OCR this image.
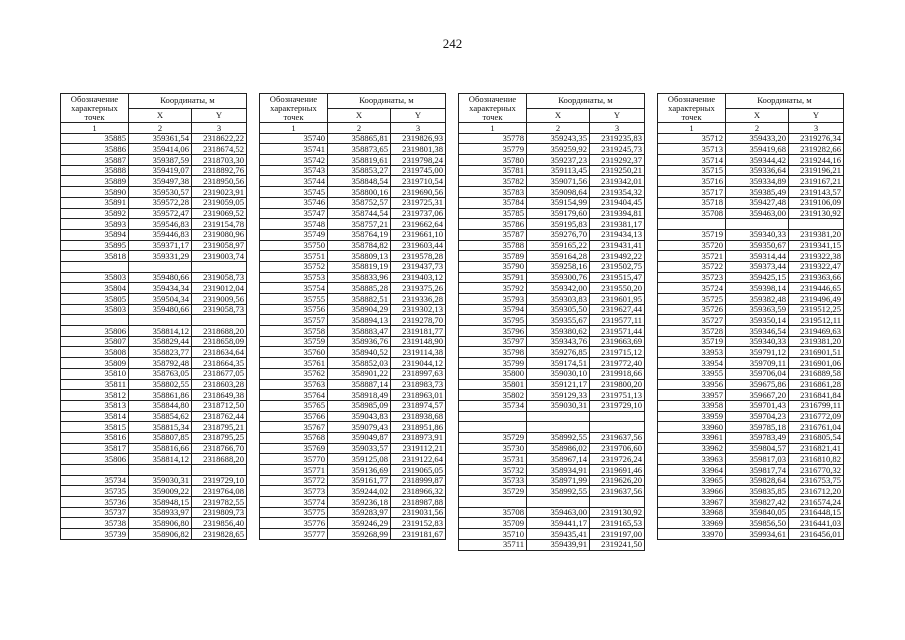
242
Обозначение характерных точек	Координаты, м	
	X	Y
1	2	3
35885	359361,54	2318622,22
35886	359414,06	2318674,52
35887	359387,59	2318703,30
35888	359419,07	2318892,76
35889	359497,38	2318950,56
35890	359530,57	2319023,91
35891	359572,28	2319059,05
35892	359572,47	2319069,52
35893	359546,83	2319154,78
35894	359446,83	2319080,96
35895	359371,17	2319058,97
35818	359331,29	2319003,74

35803	359480,66	2319058,73
35804	359434,34	2319012,04
35805	359504,34	2319009,56
35803	359480,66	2319058,73

35806	358814,12	2318688,20
35807	358829,44	2318658,09
35808	358823,77	2318634,64
35809	358792,48	2318664,35
35810	358763,05	2318677,05
35811	358802,55	2318603,28
35812	358861,86	2318649,38
35813	358844,80	2318712,50
35814	358854,62	2318762,44
35815	358815,34	2318795,21
35816	358807,85	2318795,25
35817	358816,66	2318766,70
35806	358814,12	2318688,20

35734	359030,31	2319729,10
35735	359009,22	2319764,08
35736	358948,15	2319782,55
35737	358933,97	2319809,73
35738	358906,80	2319856,40
35739	358906,82	2319828,65
Обозначение характерных точек	Координаты, м	
	X	Y
1	2	3
35740	358865,81	2319826,93
35741	358873,65	2319801,38
35742	358819,61	2319798,24
35743	358853,27	2319745,00
35744	358848,54	2319710,54
35745	358800,16	2319690,56
35746	358752,57	2319725,31
35747	358744,54	2319737,06
35748	358757,21	2319662,64
35749	358764,19	2319661,10
35750	358784,82	2319603,44
35751	358809,13	2319578,28
35752	358819,19	2319437,73
35753	358833,96	2319403,12
35754	358885,28	2319375,26
35755	358882,51	2319336,28
35756	358904,29	2319302,13
35757	358894,13	2319278,70
35758	358883,47	2319181,77
35759	358936,76	2319148,90
35760	358940,52	2319114,38
35761	358852,03	2319044,12
35762	358901,22	2318997,63
35763	358887,14	2318983,73
35764	358918,49	2318963,01
35765	358985,09	2318974,57
35766	359043,83	2318938,68
35767	359079,43	2318951,86
35768	359049,87	2318973,91
35769	359033,57	2319112,21
35770	359125,08	2319122,64
35771	359136,69	2319065,05
35772	359161,77	2318999,87
35773	359244,02	2318966,32
35774	359236,18	2318987,88
35775	359283,97	2319031,56
35776	359246,29	2319152,83
35777	359268,99	2319181,67
Обозначение характерных точек	Координаты, м	
	X	Y
1	2	3
35778	359243,35	2319235,83
35779	359259,92	2319245,73
35780	359237,23	2319292,37
35781	359113,45	2319250,21
35782	359071,56	2319342,01
35783	359098,64	2319354,32
35784	359154,99	2319404,45
35785	359179,60	2319394,81
35786	359195,83	2319381,17
35787	359276,70	2319434,13
35788	359165,22	2319431,41
35789	359164,28	2319492,22
35790	359258,16	2319502,75
35791	359300,76	2319515,47
35792	359342,00	2319550,20
35793	359303,83	2319601,95
35794	359305,50	2319627,44
35795	359355,67	2319577,11
35796	359380,62	2319571,44
35797	359343,76	2319663,69
35798	359276,85	2319715,12
35799	359174,51	2319772,40
35800	359030,10	2319918,66
35801	359121,17	2319800,20
35802	359129,33	2319751,13
35734	359030,31	2319729,10

35729	358992,55	2319637,56
35730	358986,02	2319706,60
35731	358967,14	2319726,24
35732	358934,91	2319691,46
35733	358971,99	2319626,20
35729	358992,55	2319637,56

35708	359463,00	2319130,92
35709	359441,17	2319165,53
35710	359435,41	2319197,00
35711	359439,91	2319241,50
Обозначение характерных точек	Координаты, м	
	X	Y
1	2	3
35712	359433,20	2319276,34
35713	359419,68	2319282,66
35714	359344,42	2319244,16
35715	359336,64	2319196,21
35716	359334,89	2319167,21
35717	359385,49	2319143,57
35718	359427,48	2319106,09
35708	359463,00	2319130,92

35719	359340,33	2319381,20
35720	359350,67	2319341,15
35721	359314,44	2319322,38
35722	359373,44	2319322,47
35723	359425,15	2319363,66
35724	359398,14	2319446,65
35725	359382,48	2319496,49
35726	359363,59	2319512,25
35727	359350,14	2319512,11
35728	359346,54	2319469,63
35719	359340,33	2319381,20
33953	359791,12	2316901,51
33954	359709,11	2316901,06
33955	359706,04	2316889,58
33956	359675,86	2316861,28
33957	359667,20	2316841,84
33958	359701,43	2316799,11
33959	359704,23	2316772,09
33960	359785,18	2316761,04
33961	359783,49	2316805,54
33962	359804,57	2316821,41
33963	359817,03	2316810,82
33964	359817,74	2316770,32
33965	359828,64	2316753,75
33966	359835,85	2316712,20
33967	359827,42	2316574,24
33968	359840,05	2316448,15
33969	359856,50	2316441,03
33970	359934,61	2316456,01
